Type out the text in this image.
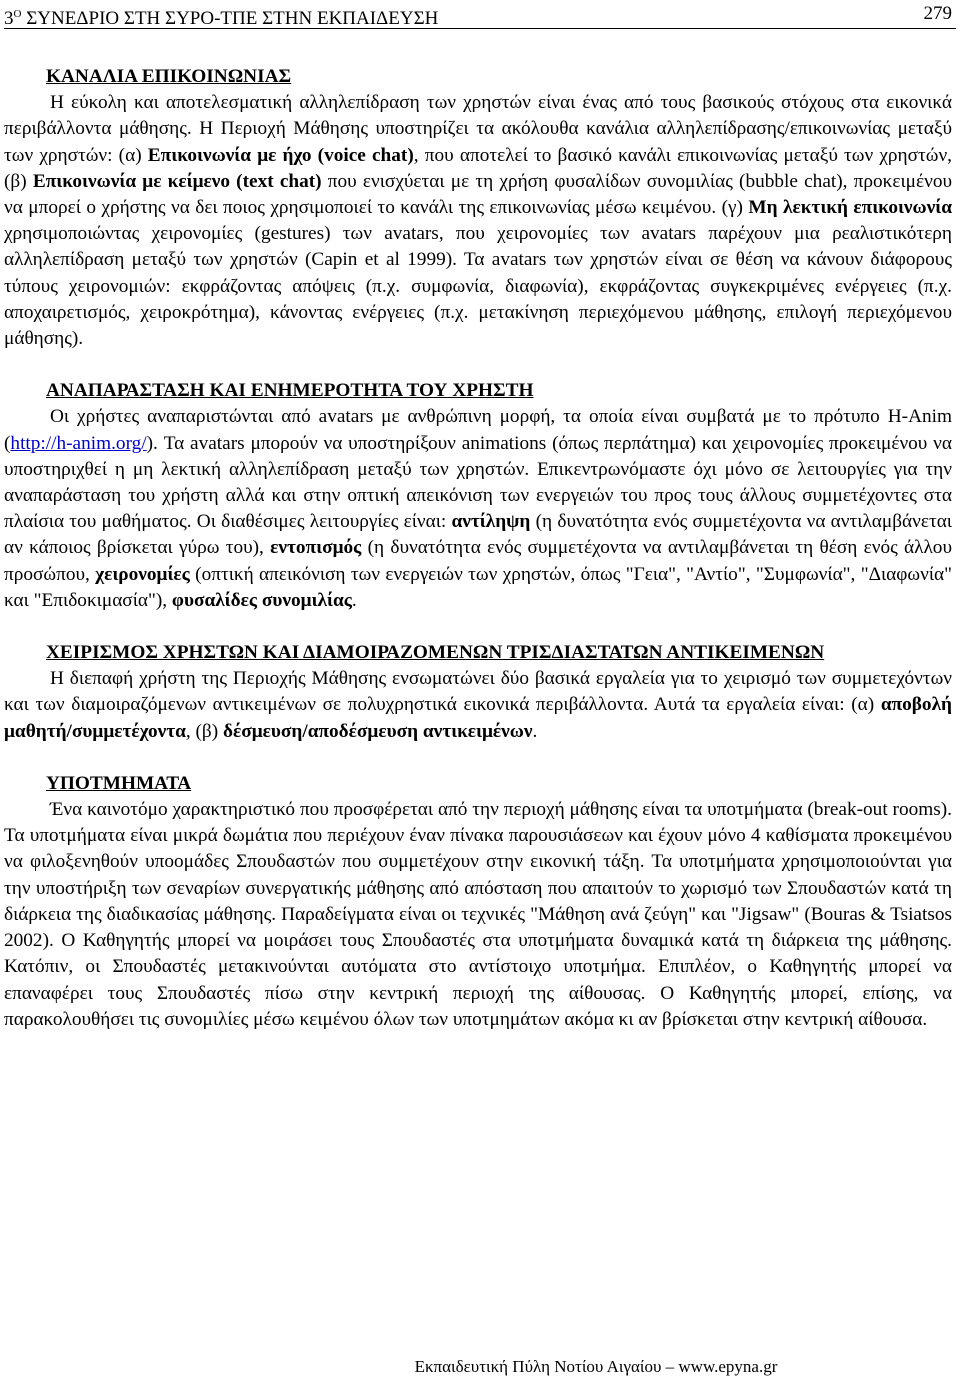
$3^O$ ΣΥΝΕΔΡΙΟ ΣΤΗ ΣΥΡΟ-ΤΠΕ ΣΤΗΝ ΕΚΠΑΙΔΕΥΣΗ	279
ΚΑΝΑΛΙΑ ΕΠΙΚΟΙΝΩΝΙΑΣ

Η εύκολη και αποτελεσματική αλληλεπίδραση των χρηστών είναι ένας από τους βασικούς στόχους στα εικονικά περιβάλλοντα μάθησης. Η Περιοχή Μάθησης υποστηρίζει τα ακόλουθα κανάλια αλληλεπίδρασης/επικοινωνίας μεταξύ των χρηστών: (α) Επικοινωνία με ήχο (voice chat), που αποτελεί το βασικό κανάλι επικοινωνίας μεταξύ των χρηστών, (β) Επικοινωνία με κείμενο (text chat) που ενισχύεται με τη χρήση φυσαλίδων συνομιλίας (bubble chat), προκειμένου να μπορεί ο χρήστης να δει ποιος χρησιμοποιεί το κανάλι της επικοινωνίας μέσω κειμένου. (γ) Μη λεκτική επικοινωνία χρησιμοποιώντας χειρονομίες (gestures) των avatars, που χειρονομίες των avatars παρέχουν μια ρεαλιστικότερη αλληλεπίδραση μεταξύ των χρηστών (Capin et al 1999). Τα avatars των χρηστών είναι σε θέση να κάνουν διάφορους τύπους χειρονομιών: εκφράζοντας απόψεις (π.χ. συμφωνία, διαφωνία), εκφράζοντας συγκεκριμένες ενέργειες (π.χ. αποχαιρετισμός, χειροκρότημα), κάνοντας ενέργειες (π.χ. μετακίνηση περιεχόμενου μάθησης, επιλογή περιεχόμενου μάθησης).

ΑΝΑΠΑΡΑΣΤΑΣΗ ΚΑΙ ΕΝΗΜΕΡΟΤΗΤΑ ΤΟΥ ΧΡΗΣΤΗ

Οι χρήστες αναπαριστώνται από avatars με ανθρώπινη μορφή, τα οποία είναι συμβατά με το πρότυπο H-Anim (http://h-anim.org/). Τα avatars μπορούν να υποστηρίξουν animations (όπως περπάτημα) και χειρονομίες προκειμένου να υποστηριχθεί η μη λεκτική αλληλεπίδραση μεταξύ των χρηστών. Επικεντρωνόμαστε όχι μόνο σε λειτουργίες για την αναπαράσταση του χρήστη αλλά και στην οπτική απεικόνιση των ενεργειών του προς τους άλλους συμμετέχοντες στα πλαίσια του μαθήματος. Οι διαθέσιμες λειτουργίες είναι: αντίληψη (η δυνατότητα ενός συμμετέχοντα να αντιλαμβάνεται αν κάποιος βρίσκεται γύρω του), εντοπισμός (η δυνατότητα ενός συμμετέχοντα να αντιλαμβάνεται τη θέση ενός άλλου προσώπου, χειρονομίες (οπτική απεικόνιση των ενεργειών των χρηστών, όπως "Γεια", "Αντίο", "Συμφωνία", "Διαφωνία" και "Επιδοκιμασία"), φυσαλίδες συνομιλίας.

ΧΕΙΡΙΣΜΟΣ ΧΡΗΣΤΩΝ ΚΑΙ ΔΙΑΜΟΙΡΑΖΟΜΕΝΩΝ ΤΡΙΣΔΙΑΣΤΑΤΩΝ ΑΝΤΙΚΕΙΜΕΝΩΝ

Η διεπαφή χρήστη της Περιοχής Μάθησης ενσωματώνει δύο βασικά εργαλεία για το χειρισμό των συμμετεχόντων και των διαμοιραζόμενων αντικειμένων σε πολυχρηστικά εικονικά περιβάλλοντα. Αυτά τα εργαλεία είναι: (α) αποβολή μαθητή/συμμετέχοντα, (β) δέσμευση/αποδέσμευση αντικειμένων.

ΥΠΟΤΜΗΜΑΤΑ

Ένα καινοτόμο χαρακτηριστικό που προσφέρεται από την περιοχή μάθησης είναι τα υποτμήματα (break-out rooms). Τα υποτμήματα είναι μικρά δωμάτια που περιέχουν έναν πίνακα παρουσιάσεων και έχουν μόνο 4 καθίσματα προκειμένου να φιλοξενηθούν υποομάδες Σπουδαστών που συμμετέχουν στην εικονική τάξη. Τα υποτμήματα χρησιμοποιούνται για την υποστήριξη των σεναρίων συνεργατικής μάθησης από απόσταση που απαιτούν το χωρισμό των Σπουδαστών κατά τη διάρκεια της διαδικασίας μάθησης. Παραδείγματα είναι οι τεχνικές "Μάθηση ανά ζεύγη" και "Jigsaw" (Bouras & Tsiatsos 2002). Ο Καθηγητής μπορεί να μοιράσει τους Σπουδαστές στα υποτμήματα δυναμικά κατά τη διάρκεια της μάθησης. Κατόπιν, οι Σπουδαστές μετακινούνται αυτόματα στο αντίστοιχο υποτμήμα. Επιπλέον, ο Καθηγητής μπορεί να επαναφέρει τους Σπουδαστές πίσω στην κεντρική περιοχή της αίθουσας. Ο Καθηγητής μπορεί, επίσης, να παρακολουθήσει τις συνομιλίες μέσω κειμένου όλων των υποτμημάτων ακόμα κι αν βρίσκεται στην κεντρική αίθουσα.

Εκπαιδευτική Πύλη Νοτίου Αιγαίου – www.epyna.gr
